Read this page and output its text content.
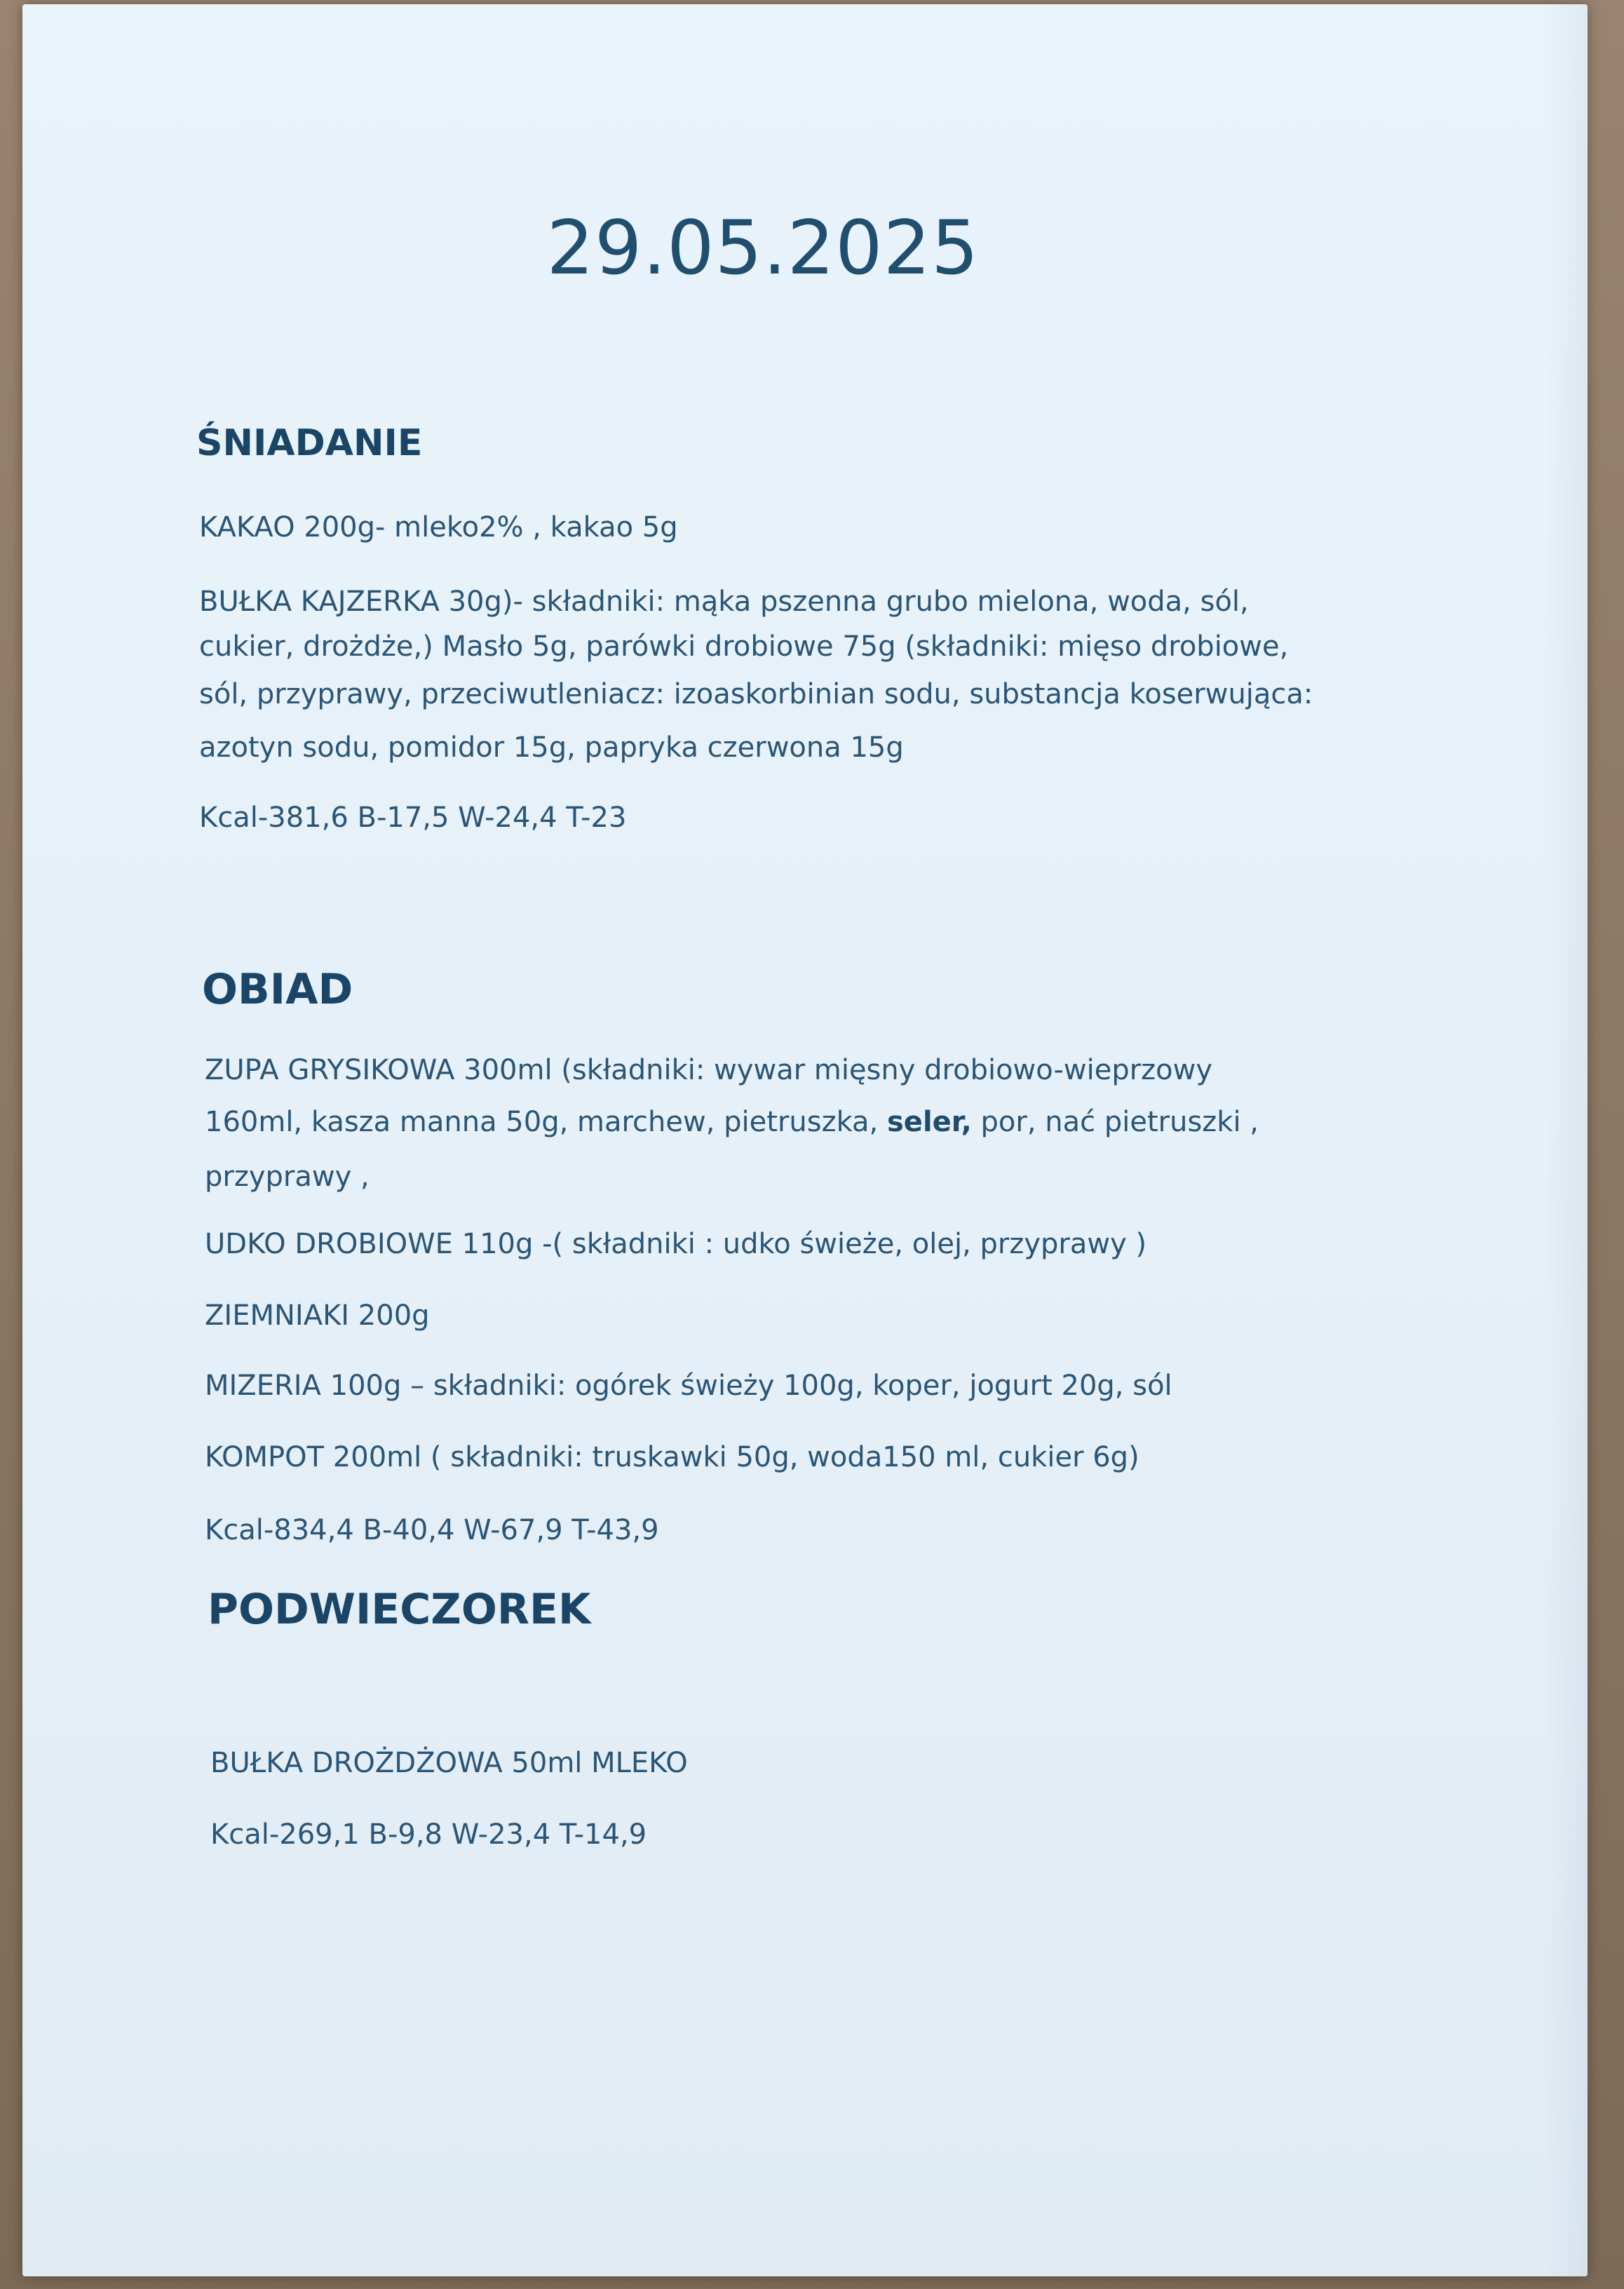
29.05.2025
ŚNIADANIE
KAKAO 200g- mleko2% , kakao 5g
BUŁKA KAJZERKA 30g)- składniki: mąka pszenna grubo mielona, woda, sól,
cukier, drożdże,) Masło 5g, parówki drobiowe 75g (składniki: mięso drobiowe,
sól, przyprawy, przeciwutleniacz: izoaskorbinian sodu, substancja koserwująca:
azotyn sodu, pomidor 15g, papryka czerwona 15g
Kcal-381,6 B-17,5 W-24,4 T-23
OBIAD
ZUPA GRYSIKOWA 300ml (składniki: wywar mięsny drobiowo-wieprzowy
160ml, kasza manna 50g, marchew, pietruszka, seler, por, nać pietruszki ,
przyprawy ,
UDKO DROBIOWE 110g -( składniki : udko świeże, olej, przyprawy )
ZIEMNIAKI 200g
MIZERIA 100g – składniki: ogórek świeży 100g, koper, jogurt 20g, sól
KOMPOT 200ml ( składniki: truskawki 50g, woda150 ml, cukier 6g)
Kcal-834,4 B-40,4 W-67,9 T-43,9
PODWIECZOREK
BUŁKA DROŻDŻOWA 50ml MLEKO
Kcal-269,1 B-9,8 W-23,4 T-14,9
